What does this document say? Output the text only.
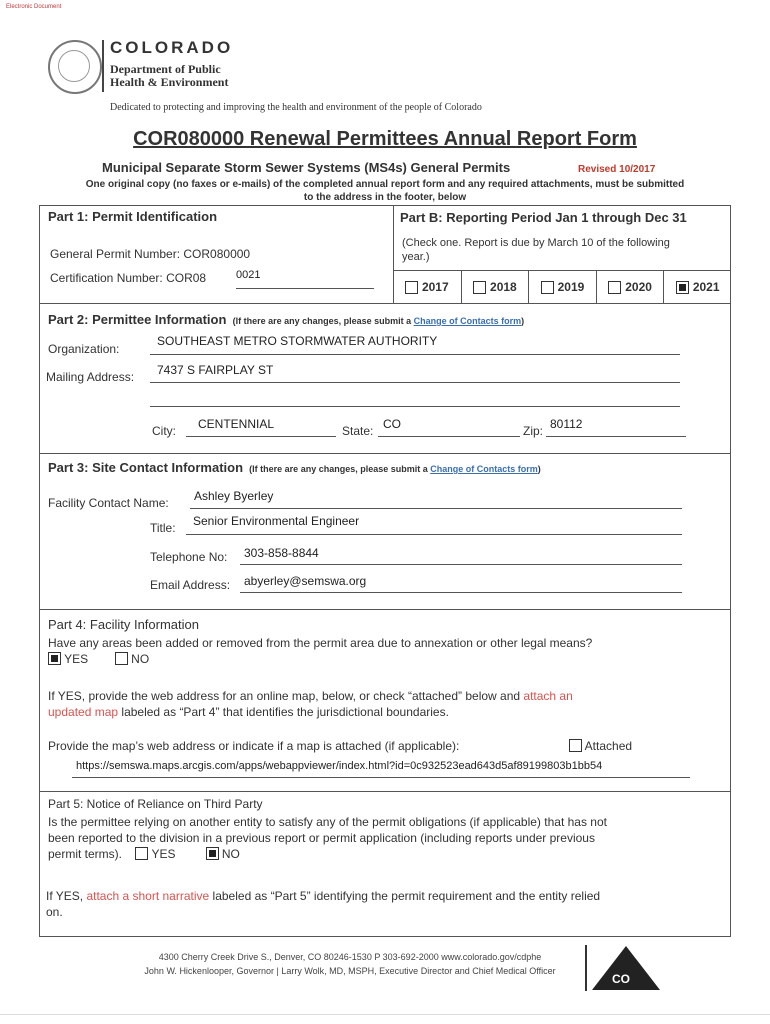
Electronic Document
COLORADO
Department of Public
Health & Environment
Dedicated to protecting and improving the health and environment of the people of Colorado
COR080000 Renewal Permittees Annual Report Form
Municipal Separate Storm Sewer Systems (MS4s) General Permits	Revised 10/2017
One original copy (no faxes or e-mails) of the completed annual report form and any required attachments, must be submitted
to the address in the footer, below
Part 1: Permit Identification
General Permit Number: COR080000
Certification Number: COR08	0021
Part B: Reporting Period Jan 1 through Dec 31
(Check one. Report is due by March 10 of the following
year.)
2017	2018	2019	2020	2021
Part 2: Permittee Information (If there are any changes, please submit a Change of Contacts form)
Organization:
SOUTHEAST METRO STORMWATER AUTHORITY
Mailing Address: 7437 S FAIRPLAY ST
City: CENTENNIAL	State: CO	Zip: 80112
Part 3: Site Contact Information (If there are any changes, please submit a Change of Contacts form)
Facility Contact Name: Ashley Byerley
Title: Senior Environmental Engineer
Telephone No: 303-858-8844
Email Address: abyerley@semswa.org
Part 4: Facility Information
Have any areas been added or removed from the permit area due to annexation or other legal means?
YES	NO
If YES, provide the web address for an online map, below, or check “attached” below and attach an
updated map labeled as “Part 4” that identifies the jurisdictional boundaries.
Provide the map’s web address or indicate if a map is attached (if applicable):	Attached
https://semswa.maps.arcgis.com/apps/webappviewer/index.html?id=0c932523ead643d5af89199803b1bb54
Part 5: Notice of Reliance on Third Party
Is the permittee relying on another entity to satisfy any of the permit obligations (if applicable) that has not
been reported to the division in a previous report or permit application (including reports under previous
permit terms). YES	NO
If YES, attach a short narrative labeled as “Part 5” identifying the permit requirement and the entity relied
on.
4300 Cherry Creek Drive S., Denver, CO 80246-1530 P 303-692-2000 www.colorado.gov/cdphe
John W. Hickenlooper, Governor | Larry Wolk, MD, MSPH, Executive Director and Chief Medical Officer
CO
